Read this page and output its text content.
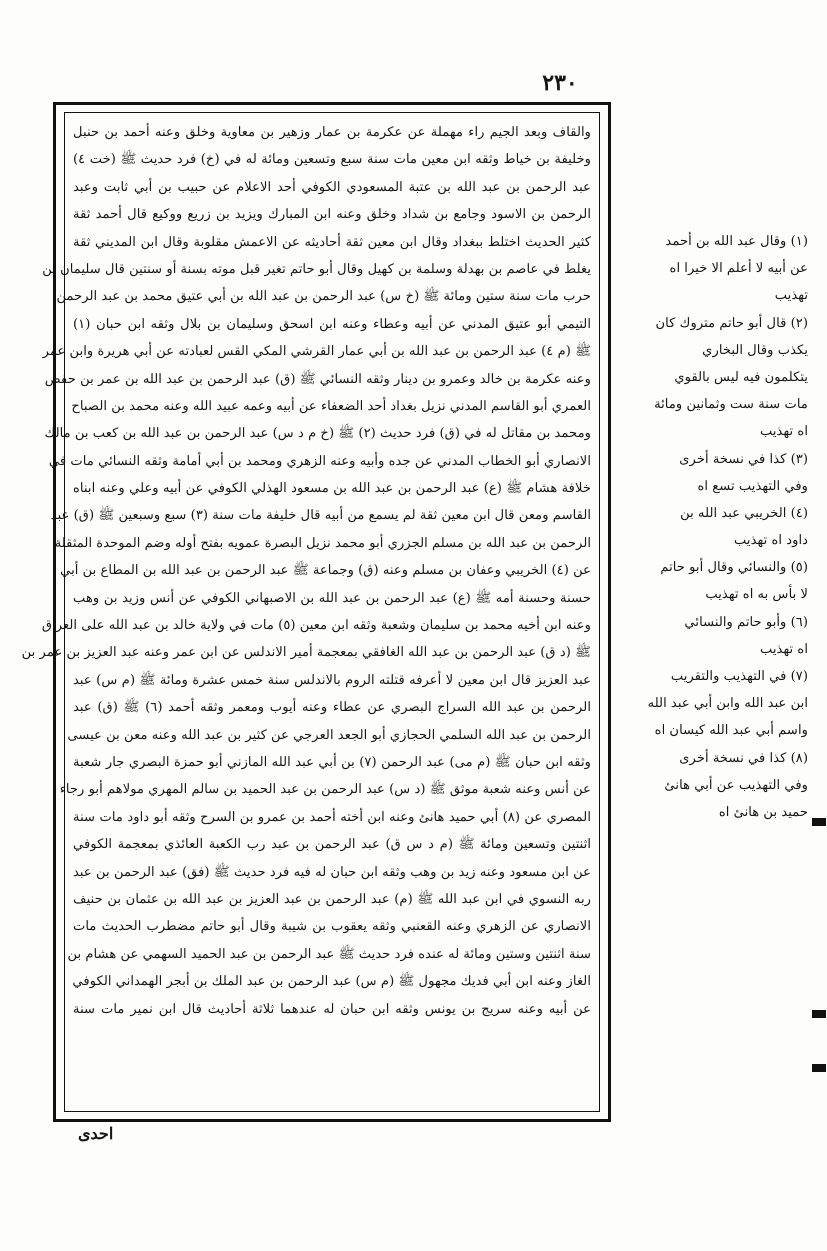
٢٣٠
والقاف وبعد الجيم راء مهملة عن عكرمة بن عمار وزهير بن معاوية وخلق وعنه أحمد بن حنبل
وخليفة بن خياط وثقه ابن معين مات سنة سبع وتسعين ومائة له في (خ) فرد حديث ﷺ (خت ٤)
عبد الرحمن بن عبد الله بن عتبة المسعودي الكوفي أحد الاعلام عن حبيب بن أبي ثابت وعبد
الرحمن بن الاسود وجامع بن شداد وخلق وعنه ابن المبارك ويزيد بن زريع ووكيع قال أحمد ثقة
كثير الحديث اختلط ببغداد وقال ابن معين ثقة أحاديثه عن الاعمش مقلوبة وقال ابن المديني ثقة
يغلط في عاصم بن بهدلة وسلمة بن كهيل وقال أبو حاتم تغير قبل موته بسنة أو سنتين قال سليمان بن
حرب مات سنة ستين ومائة ﷺ (خ س) عبد الرحمن بن عبد الله بن أبي عتيق محمد بن عبد الرحمن
التيمي أبو عتيق المدني عن أبيه وعطاء وعنه ابن اسحق وسليمان بن بلال وثقه ابن حبان (١)
ﷺ (م ٤) عبد الرحمن بن عبد الله بن أبي عمار القرشي المكي القس لعبادته عن أبي هريرة وابن عمر
وعنه عكرمة بن خالد وعمرو بن دينار وثقه النسائي ﷺ (ق) عبد الرحمن بن عبد الله بن عمر بن حفص
العمري أبو القاسم المدني نزيل بغداد أحد الضعفاء عن أبيه وعمه عبيد الله وعنه محمد بن الصباح
ومحمد بن مقاتل له في (ق) فرد حديث (٢) ﷺ (خ م د س) عبد الرحمن بن عبد الله بن كعب بن مالك
الانصاري أبو الخطاب المدني عن جده وأبيه وعنه الزهري ومحمد بن أبي أمامة وثقه النسائي مات في
خلافة هشام ﷺ (ع) عبد الرحمن بن عبد الله بن مسعود الهذلي الكوفي عن أبيه وعلي وعنه ابناه
القاسم ومعن قال ابن معين ثقة لم يسمع من أبيه قال خليفة مات سنة (٣) سبع وسبعين ﷺ (ق) عبد
الرحمن بن عبد الله بن مسلم الجزري أبو محمد نزيل البصرة عمويه بفتح أوله وضم الموحدة المثقلة
عن (٤) الخريبي وعفان بن مسلم وعنه (ق) وجماعة ﷺ عبد الرحمن بن عبد الله بن المطاع بن أبي
حسنة وحسنة أمه ﷺ (ع) عبد الرحمن بن عبد الله بن الاصبهاني الكوفي عن أنس وزيد بن وهب
وعنه ابن أخيه محمد بن سليمان وشعبة وثقه ابن معين (٥) مات في ولاية خالد بن عبد الله على العراق
ﷺ (د ق) عبد الرحمن بن عبد الله الغافقي بمعجمة أمير الاندلس عن ابن عمر وعنه عبد العزيز بن عمر بن
عبد العزيز قال ابن معين لا أعرفه قتلته الروم بالاندلس سنة خمس عشرة ومائة ﷺ (م س) عبد
الرحمن بن عبد الله السراج البصري عن عطاء وعنه أيوب ومعمر وثقه أحمد (٦) ﷺ (ق) عبد
الرحمن بن عبد الله السلمي الحجازي أبو الجعد العرجي عن كثير بن عبد الله وعنه معن بن عيسى
وثقه ابن حبان ﷺ (م مى) عبد الرحمن (٧) بن أبي عبد الله المازني أبو حمزة البصري جار شعبة
عن أنس وعنه شعبة موثق ﷺ (د س) عبد الرحمن بن عبد الحميد بن سالم المهري مولاهم أبو رجاء
المصري عن (٨) أبي حميد هانئ وعنه ابن أخته أحمد بن عمرو بن السرح وثقه أبو داود مات سنة
اثنتين وتسعين ومائة ﷺ (م د س ق) عبد الرحمن بن عبد رب الكعبة العائذي بمعجمة الكوفي
عن ابن مسعود وعنه زيد بن وهب وثقه ابن حبان له فيه فرد حديث ﷺ (فق) عبد الرحمن بن عبد
ربه النسوي في ابن عبد الله ﷺ (م) عبد الرحمن بن عبد العزيز بن عبد الله بن عثمان بن حنيف
الانصاري عن الزهري وعنه القعنبي وثقه يعقوب بن شيبة وقال أبو حاتم مضطرب الحديث مات
سنة اثنتين وستين ومائة له عنده فرد حديث ﷺ عبد الرحمن بن عبد الحميد السهمي عن هشام بن
الغاز وعنه ابن أبي فديك مجهول ﷺ (م س) عبد الرحمن بن عبد الملك بن أبجر الهمداني الكوفي
عن أبيه وعنه سريج بن يونس وثقه ابن حبان له عندهما ثلاثة أحاديث قال ابن نمير مات سنة
(١) وقال عبد الله بن أحمد
عن أبيه لا أعلم الا خيرا اه
تهذيب
(٢) قال أبو حاتم متروك كان
يكذب وقال البخاري
يتكلمون فيه ليس بالقوي
مات سنة ست وثمانين ومائة
اه تهذيب
(٣) كذا في نسخة أخرى
وفي التهذيب تسع اه
(٤) الخريبي عبد الله بن
داود اه تهذيب
(٥) والنسائي وقال أبو حاتم
لا بأس به اه تهذيب
(٦) وأبو حاتم والنسائي
اه تهذيب
(٧) في التهذيب والتقريب
ابن عبد الله وابن أبي عبد الله
واسم أبي عبد الله كيسان اه
(٨) كذا في نسخة أخرى
وفي التهذيب عن أبي هانئ
حميد بن هانئ اه
احدى
